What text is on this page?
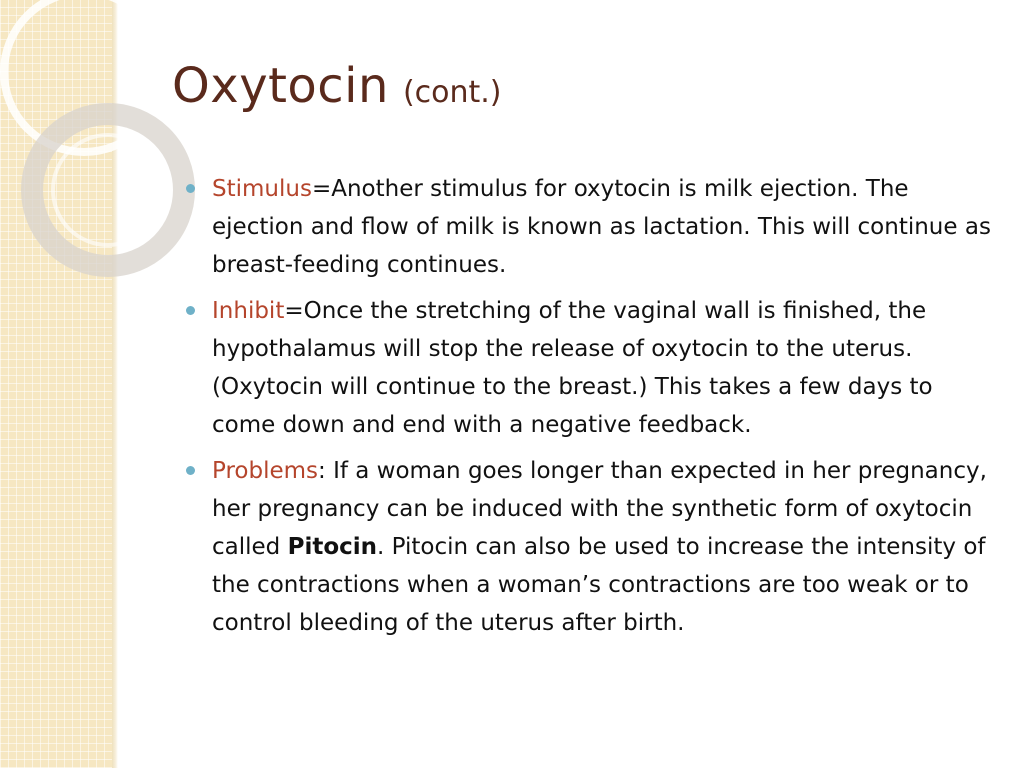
Oxytocin (cont.)
Stimulus=Another stimulus for oxytocin is milk ejection. The ejection and flow of milk is known as lactation. This will continue as breast-feeding continues.
Inhibit=Once the stretching of the vaginal wall is finished, the hypothalamus will stop the release of oxytocin to the uterus. (Oxytocin will continue to the breast.) This takes a few days to come down and end with a negative feedback.
Problems: If a woman goes longer than expected in her pregnancy, her pregnancy can be induced with the synthetic form of oxytocin called Pitocin. Pitocin can also be used to increase the intensity of the contractions when a woman’s contractions are too weak or to control bleeding of the uterus after birth.
